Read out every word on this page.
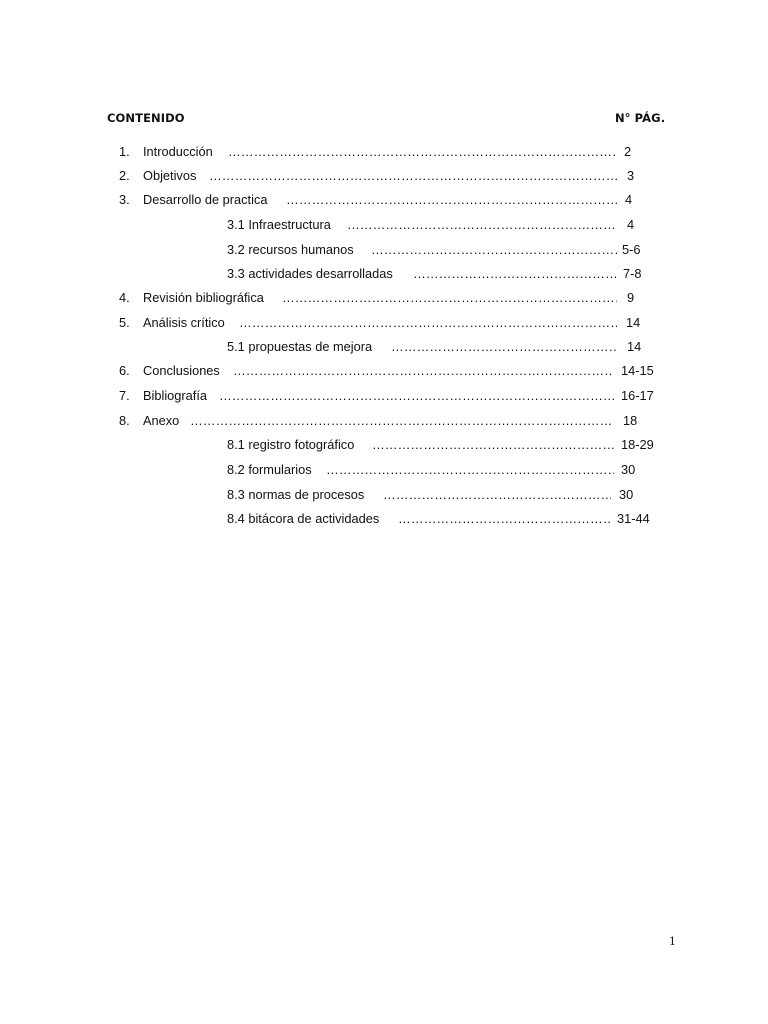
CONTENIDO	N° PÁG.
1.	Introducción ……………………………………………………………………………………………………………………………………………………………………………………………………	2
2.	Objetivos ……………………………………………………………………………………………………………………………………………………………………………………………………	3
3.	Desarrollo de practica ……………………………………………………………………………………………………………………………………………………………………………………………………	4
3.1 Infraestructura ……………………………………………………………………………………………………………………………………………………………………………………………………	4
3.2 recursos humanos ……………………………………………………………………………………………………………………………………………………………………………………………………	5-6
3.3 actividades desarrolladas ……………………………………………………………………………………………………………………………………………………………………………………………………	7-8
4.	Revisión bibliográfica ……………………………………………………………………………………………………………………………………………………………………………………………………	9
5.	Análisis crítico ……………………………………………………………………………………………………………………………………………………………………………………………………	14
5.1 propuestas de mejora ……………………………………………………………………………………………………………………………………………………………………………………………………	14
6.	Conclusiones ……………………………………………………………………………………………………………………………………………………………………………………………………	14-15
7.	Bibliografía ……………………………………………………………………………………………………………………………………………………………………………………………………	16-17
8.	Anexo ……………………………………………………………………………………………………………………………………………………………………………………………………	18
8.1 registro fotográfico ……………………………………………………………………………………………………………………………………………………………………………………………………	18-29
8.2 formularios ……………………………………………………………………………………………………………………………………………………………………………………………………	30
8.3 normas de procesos ……………………………………………………………………………………………………………………………………………………………………………………………………	30
8.4 bitácora de actividades ……………………………………………………………………………………………………………………………………………………………………………………………………	31-44
1
